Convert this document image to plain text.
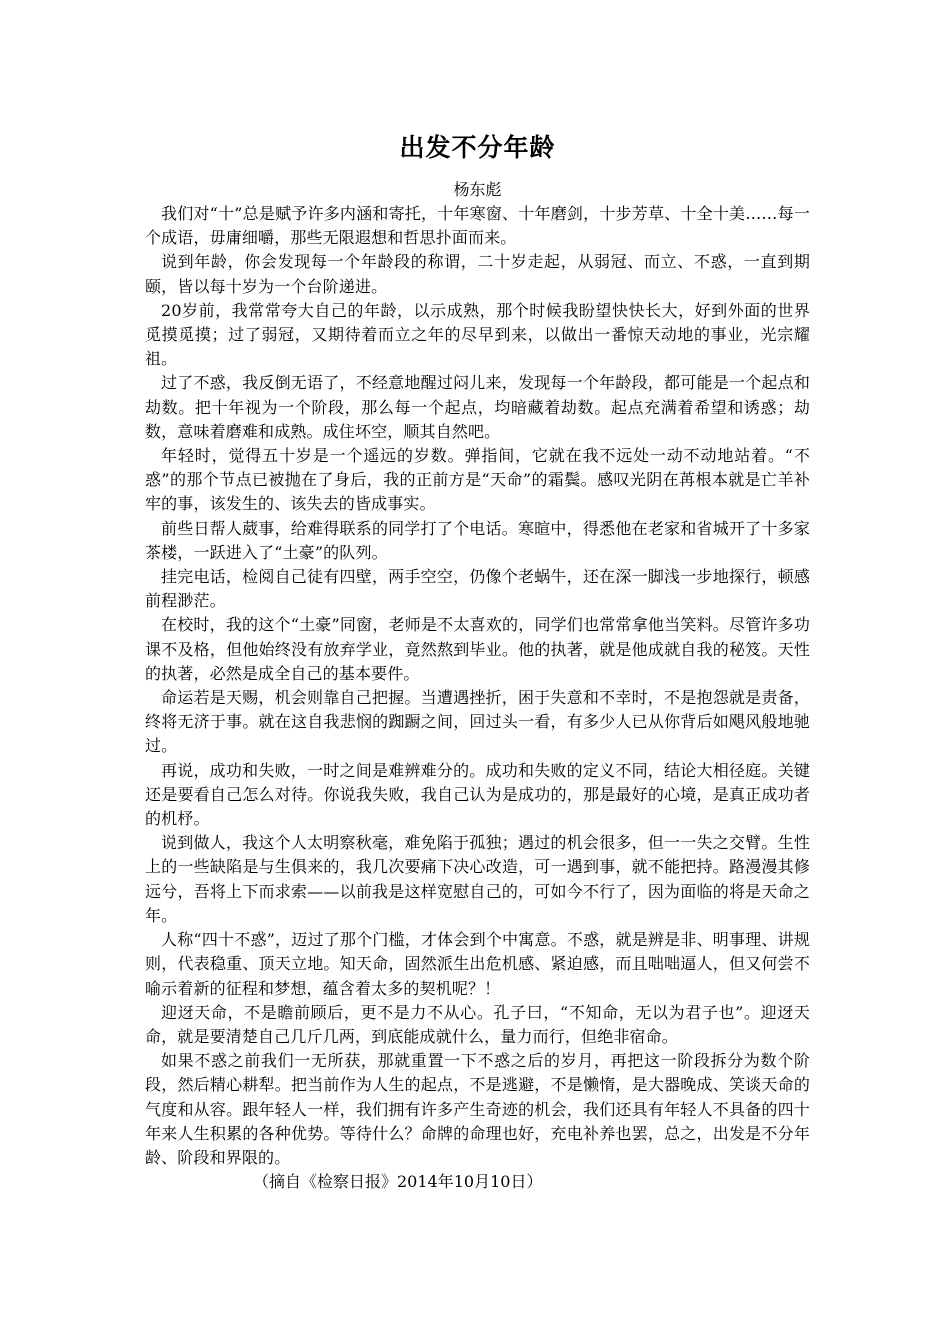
出发不分年龄

杨东彪

我们对“十”总是赋予许多内涵和寄托，十年寒窗、十年磨剑，十步芳草、十全十美……每一个成语，毋庸细嚼，那些无限遐想和哲思扑面而来。

说到年龄，你会发现每一个年龄段的称谓，二十岁走起，从弱冠、而立、不惑，一直到期颐，皆以每十岁为一个台阶递进。

20岁前，我常常夸大自己的年龄，以示成熟，那个时候我盼望快快长大，好到外面的世界觅摸觅摸；过了弱冠，又期待着而立之年的尽早到来，以做出一番惊天动地的事业，光宗耀祖。

过了不惑，我反倒无语了，不经意地醒过闷儿来，发现每一个年龄段，都可能是一个起点和劫数。把十年视为一个阶段，那么每一个起点，均暗藏着劫数。起点充满着希望和诱惑；劫数，意味着磨难和成熟。成住坏空，顺其自然吧。

年轻时，觉得五十岁是一个遥远的岁数。弹指间，它就在我不远处一动不动地站着。“不惑”的那个节点已被抛在了身后，我的正前方是“天命”的霜鬓。感叹光阴在苒根本就是亡羊补牢的事，该发生的、该失去的皆成事实。

前些日帮人葳事，给难得联系的同学打了个电话。寒暄中，得悉他在老家和省城开了十多家茶楼，一跃进入了“土豪”的队列。

挂完电话，检阅自己徒有四壁，两手空空，仍像个老蜗牛，还在深一脚浅一步地探行，顿感前程渺茫。

在校时，我的这个“土豪”同窗，老师是不太喜欢的，同学们也常常拿他当笑料。尽管许多功课不及格，但他始终没有放弃学业，竟然熬到毕业。他的执著，就是他成就自我的秘笈。天性的执著，必然是成全自己的基本要件。

命运若是天赐，机会则靠自己把握。当遭遇挫折，困于失意和不幸时，不是抱怨就是责备，终将无济于事。就在这自我悲悯的踟蹰之间，回过头一看，有多少人已从你背后如飓风般地驰过。

再说，成功和失败，一时之间是难辨难分的。成功和失败的定义不同，结论大相径庭。关键还是要看自己怎么对待。你说我失败，我自己认为是成功的，那是最好的心境，是真正成功者的机杼。

说到做人，我这个人太明察秋毫，难免陷于孤独；遇过的机会很多，但一一失之交臂。生性上的一些缺陷是与生俱来的，我几次要痛下决心改造，可一遇到事，就不能把持。路漫漫其修远兮，吾将上下而求索——以前我是这样宽慰自己的，可如今不行了，因为面临的将是天命之年。

人称“四十不惑”，迈过了那个门槛，才体会到个中寓意。不惑，就是辨是非、明事理、讲规则，代表稳重、顶天立地。知天命，固然派生出危机感、紧迫感，而且咄咄逼人，但又何尝不喻示着新的征程和梦想，蕴含着太多的契机呢？！

迎迓天命，不是瞻前顾后，更不是力不从心。孔子曰，“不知命，无以为君子也”。迎迓天命，就是要清楚自己几斤几两，到底能成就什么，量力而行，但绝非宿命。

如果不惑之前我们一无所获，那就重置一下不惑之后的岁月，再把这一阶段拆分为数个阶段，然后精心耕犁。把当前作为人生的起点，不是逃避，不是懒惰，是大器晚成、笑谈天命的气度和从容。跟年轻人一样，我们拥有许多产生奇迹的机会，我们还具有年轻人不具备的四十年来人生积累的各种优势。等待什么？命牌的命理也好，充电补养也罢，总之，出发是不分年龄、阶段和界限的。

（摘自《检察日报》2014年10月10日）
